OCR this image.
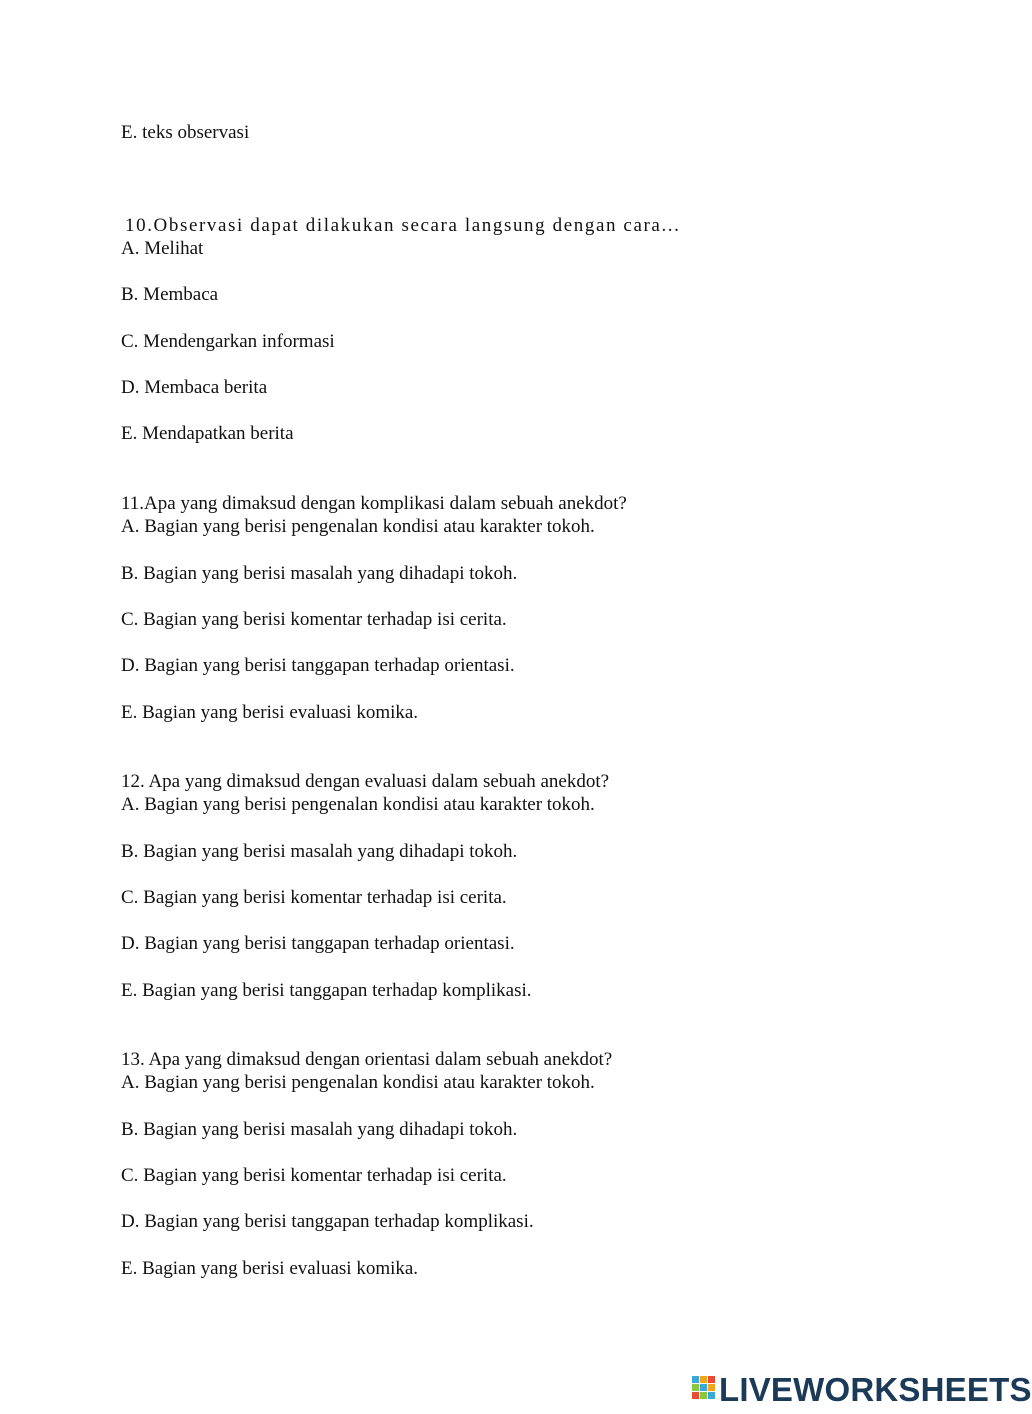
E. teks observasi
10.Observasi dapat dilakukan secara langsung dengan cara...
A. Melihat
B. Membaca
C. Mendengarkan informasi
D. Membaca berita
E. Mendapatkan berita
11.Apa yang dimaksud dengan komplikasi dalam sebuah anekdot?
A. Bagian yang berisi pengenalan kondisi atau karakter tokoh.
B. Bagian yang berisi masalah yang dihadapi tokoh.
C. Bagian yang berisi komentar terhadap isi cerita.
D. Bagian yang berisi tanggapan terhadap orientasi.
E. Bagian yang berisi evaluasi komika.
12. Apa yang dimaksud dengan evaluasi dalam sebuah anekdot?
A. Bagian yang berisi pengenalan kondisi atau karakter tokoh.
B. Bagian yang berisi masalah yang dihadapi tokoh.
C. Bagian yang berisi komentar terhadap isi cerita.
D. Bagian yang berisi tanggapan terhadap orientasi.
E. Bagian yang berisi tanggapan terhadap komplikasi.
13. Apa yang dimaksud dengan orientasi dalam sebuah anekdot?
A. Bagian yang berisi pengenalan kondisi atau karakter tokoh.
B. Bagian yang berisi masalah yang dihadapi tokoh.
C. Bagian yang berisi komentar terhadap isi cerita.
D. Bagian yang berisi tanggapan terhadap komplikasi.
E. Bagian yang berisi evaluasi komika.
LIVEWORKSHEETS
